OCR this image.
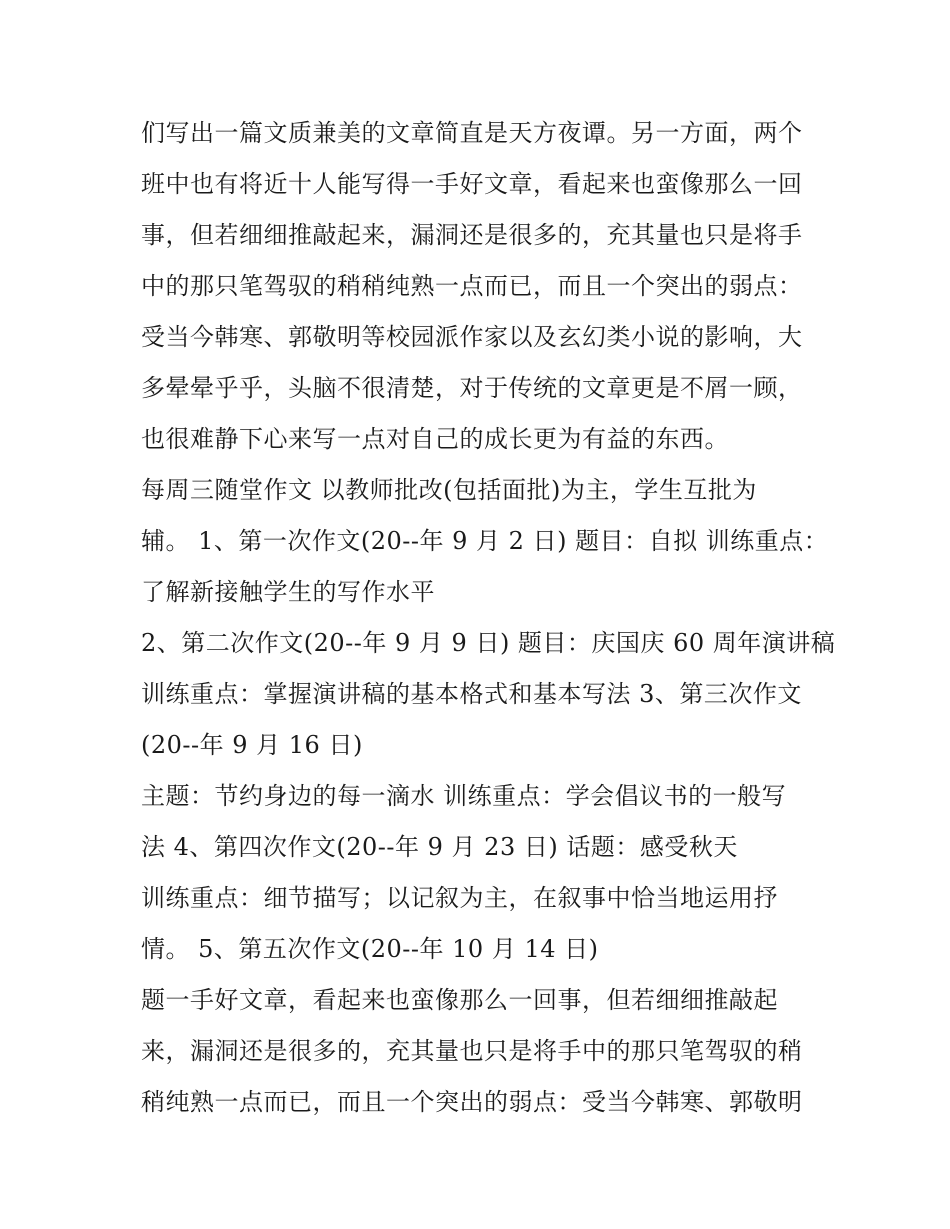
们写出一篇文质兼美的文章简直是天方夜谭。另一方面，两个
班中也有将近十人能写得一手好文章，看起来也蛮像那么一回
事，但若细细推敲起来，漏洞还是很多的，充其量也只是将手
中的那只笔驾驭的稍稍纯熟一点而已，而且一个突出的弱点：
受当今韩寒、郭敬明等校园派作家以及玄幻类小说的影响，大
多晕晕乎乎，头脑不很清楚，对于传统的文章更是不屑一顾，
也很难静下心来写一点对自己的成长更为有益的东西。
每周三随堂作文 以教师批改(包括面批)为主，学生互批为
辅。 1、第一次作文(20--年 9 月 2 日) 题目：自拟 训练重点：
了解新接触学生的写作水平
2、第二次作文(20--年 9 月 9 日) 题目：庆国庆 60 周年演讲稿
训练重点：掌握演讲稿的基本格式和基本写法 3、第三次作文
(20--年 9 月 16 日)
主题：节约身边的每一滴水 训练重点：学会倡议书的一般写
法 4、第四次作文(20--年 9 月 23 日) 话题：感受秋天
训练重点：细节描写；以记叙为主，在叙事中恰当地运用抒
情。 5、第五次作文(20--年 10 月 14 日)
题一手好文章，看起来也蛮像那么一回事，但若细细推敲起
来，漏洞还是很多的，充其量也只是将手中的那只笔驾驭的稍
稍纯熟一点而已，而且一个突出的弱点：受当今韩寒、郭敬明
